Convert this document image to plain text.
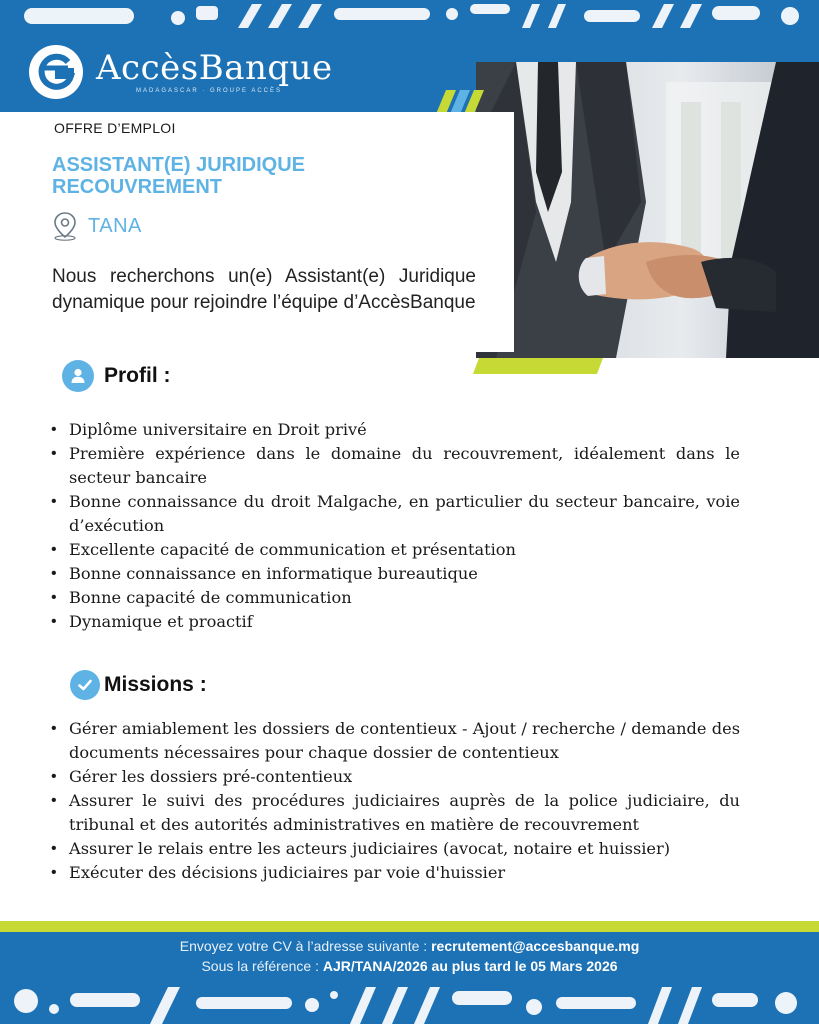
AccèsBanque
MADAGASCAR · GROUPE ACCÈS
OFFRE D’EMPLOI
ASSISTANT(E) JURIDIQUE RECOUVREMENT
TANA
Nous recherchons un(e) Assistant(e) Juridique dynamique pour rejoindre l’équipe d’AccèsBanque
Profil :
• Diplôme universitaire en Droit privé
• Première expérience dans le domaine du recouvrement, idéalement dans le secteur bancaire
• Bonne connaissance du droit Malgache, en particulier du secteur bancaire, voie d’exécution
• Excellente capacité de communication et présentation
• Bonne connaissance en informatique bureautique
• Bonne capacité de communication
• Dynamique et proactif
Missions :
• Gérer amiablement les dossiers de contentieux - Ajout / recherche / demande des documents nécessaires pour chaque dossier de contentieux
• Gérer les dossiers pré-contentieux
• Assurer le suivi des procédures judiciaires auprès de la police judiciaire, du tribunal et des autorités administratives en matière de recouvrement
• Assurer le relais entre les acteurs judiciaires (avocat, notaire et huissier)
• Exécuter des décisions judiciaires par voie d'huissier
Envoyez votre CV à l’adresse suivante : recrutement@accesbanque.mg
Sous la référence : AJR/TANA/2026 au plus tard le 05 Mars 2026
